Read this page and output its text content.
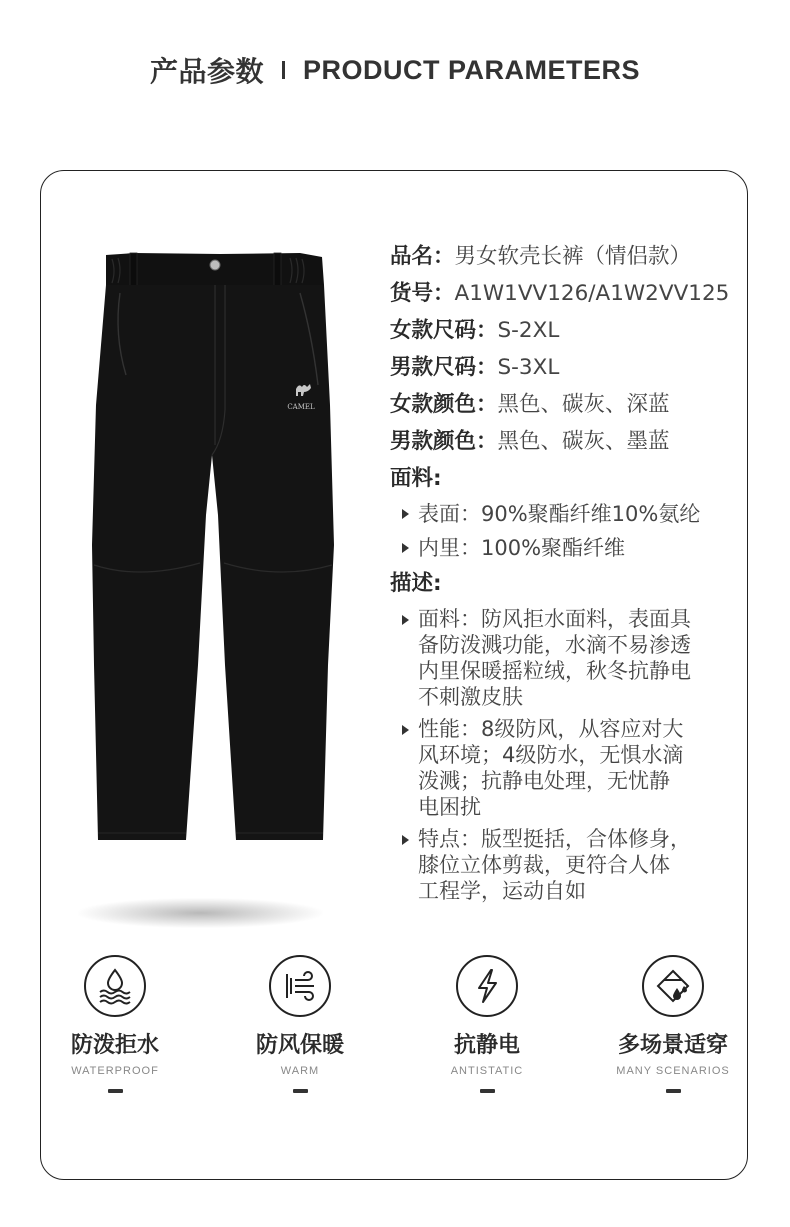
产品参数 PRODUCT PARAMETERS
CAMEL
品名：男女软壳长裤（情侣款）
货号：A1W1VV126/A1W2VV125
女款尺码：S-2XL
男款尺码：S-3XL
女款颜色：黑色、碳灰、深蓝
男款颜色：黑色、碳灰、墨蓝
面料:
表面：90%聚酯纤维10%氨纶
内里：100%聚酯纤维
描述:
面料：防风拒水面料，表面具
备防泼溅功能，水滴不易渗透
内里保暖摇粒绒，秋冬抗静电
不刺激皮肤
性能：8级防风，从容应对大
风环境；4级防水，无惧水滴
泼溅；抗静电处理，无忧静
电困扰
特点：版型挺括，合体修身，
膝位立体剪裁，更符合人体
工程学，运动自如
防泼拒水
WATERPROOF
防风保暖
WARM
抗静电
ANTISTATIC
多场景适穿
MANY SCENARIOS
